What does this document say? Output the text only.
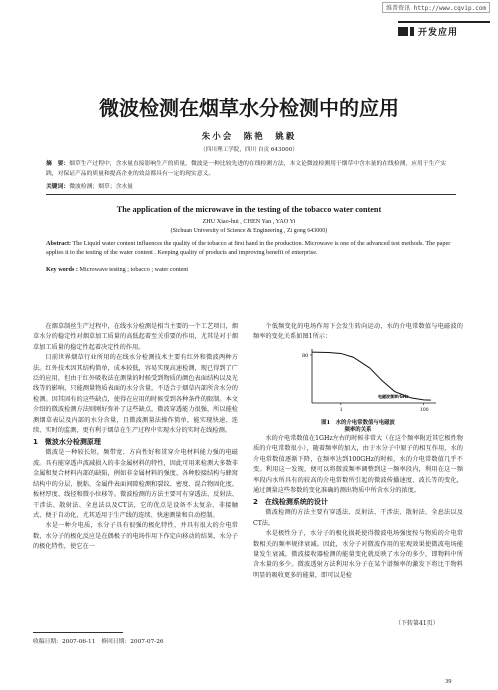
维普资讯 http://www.cqvip.com
开发应用
微波检测在烟草水分检测中的应用
朱小会　陈艳　姚毅
（四川理工学院，四川 自贡 643000）
摘　要：烟草生产过程中，含水量直接影响生产的质量，微波是一种比较先进的在线检测方法，本文论微波检测用于烟草中含水量的在线检测，应用于生产实践，对保证产品的质量和提高企业的效益都具有一定的现实意义。
关键词：微波检测；烟草；含水量
The application of the microwave in the testing of the tobacco water content
ZHU Xiao-hui , CHEN Yan , YAO Yi
(Sichuan University of Science & Engineering , Zi gong 643000)
Abstract: The Liquid water content influences the quality of the tobacco at first hand in the production. Microwave is one of the advanced test methods. The paper applies it to the testing of the water content . Keeping quality of products and improving benefit of enterprise.
Key words : Microwave testing ; tobacco ; water content

在烟草制丝生产过程中，在线水分检测是相当主要的一个工艺项目，烟草水分的稳定性对烟草加工质量的高低起着至关重要的作用，尤其是对于烟草加工质量的稳定性起着决定性的作用。

目前世界烟草行业所用的在线水分检测技术主要有红外和微波两种方法。红外技术因其结构简单，成本较低，容易实现高速检测，现已得到了广泛的应用，但由于红外吸收法在测量的时候受到物质的颜色表面结构以及光线等的影响，只能测量物质表面的水分含量，不适合于烟草内部所含水分的检测。因其固有的这些缺点，使得在应用的时候受到各种条件的限制。本文介绍的微波检测方法则刚好弥补了这些缺点，微波穿透能力很强，所以能检测烟草表层及内部的水分含量，且微波测量法操作简单，能实现快速、连续、实时的监测，更有利于烟草在生产过程中实现水分的实时在线检测。

1　微波水分检测原理

微波是一种较长短，频带宽、方向性好和贯穿介电材料能力强的电磁波。具有能穿透声波减损入的非金属材料的特性，因此可用来检测大多数非金属和复合材料内部的缺陷，例如非金属材料的强度、各种胶接结构与蜂窝结构中的分层、脱粘、金属件表面间隙检测和裂纹、密度、混合物固化度、板材厚度、线径和微小位移等。微波检测的方法主要可有穿透法、反射法、干涉法、散射法、全息法以及CT法，它的优点是设备不太复杂、非接触式、便于自动化，尤其适用于生产线的连续、快速测量和自动控制。

水是一种介电质，水分子具有很强的极化特性，并具有很大的介电常数，水分子的极化反应是在偶极子的电场作用下作定向移动的结果，水分子的极化特性，使它在一

个低频变化的电场作用下会发生转向运动，水的介电常数值与电磁波的频率的变化关系如图1所示：

80
1	100
电磁波频率/GHz
图1　水的介电常数值与电磁波
频率的关系

水的介电常数值在1GHz左右的时候非常大（在这个频率附近其它极性物质的介电常数很小），随着频率的加大，由于水分子中原子的相互作用，水的介电常数值逐渐下降，在频率达到100GHz的时候，水的介电常数值几乎不变。利用这一发现，便可以将微波频率调整到这一频率段内，利用在这一频率段内水所具有的较高的介电常数所引起的微波传播速度、波长等的变化，通过测量这些参数的变化准确的测出物质中所含水分的浓度。

2　在线检测系统的设计

微波检测的方法主要有穿透法、反射法、干涉法、散射法、全息法以及CT法。

水是极性分子，水分子的极化损耗使得微波电场强度按与物质的介电常数相关的频率规律衰减。因此，水分子对微波作用的宏观效果使微波电场能量发生衰减，微波接收器检测的能量变化就反映了水分的多少，即物料中所含水量的多少。微波透射方法利用水分子在某个谱频率的激发下将比干物料明显的吸收更多的能量，即可以是检

（下转第41页）
收稿日期：2007-06-11　修回日期：2007-07-26
39
